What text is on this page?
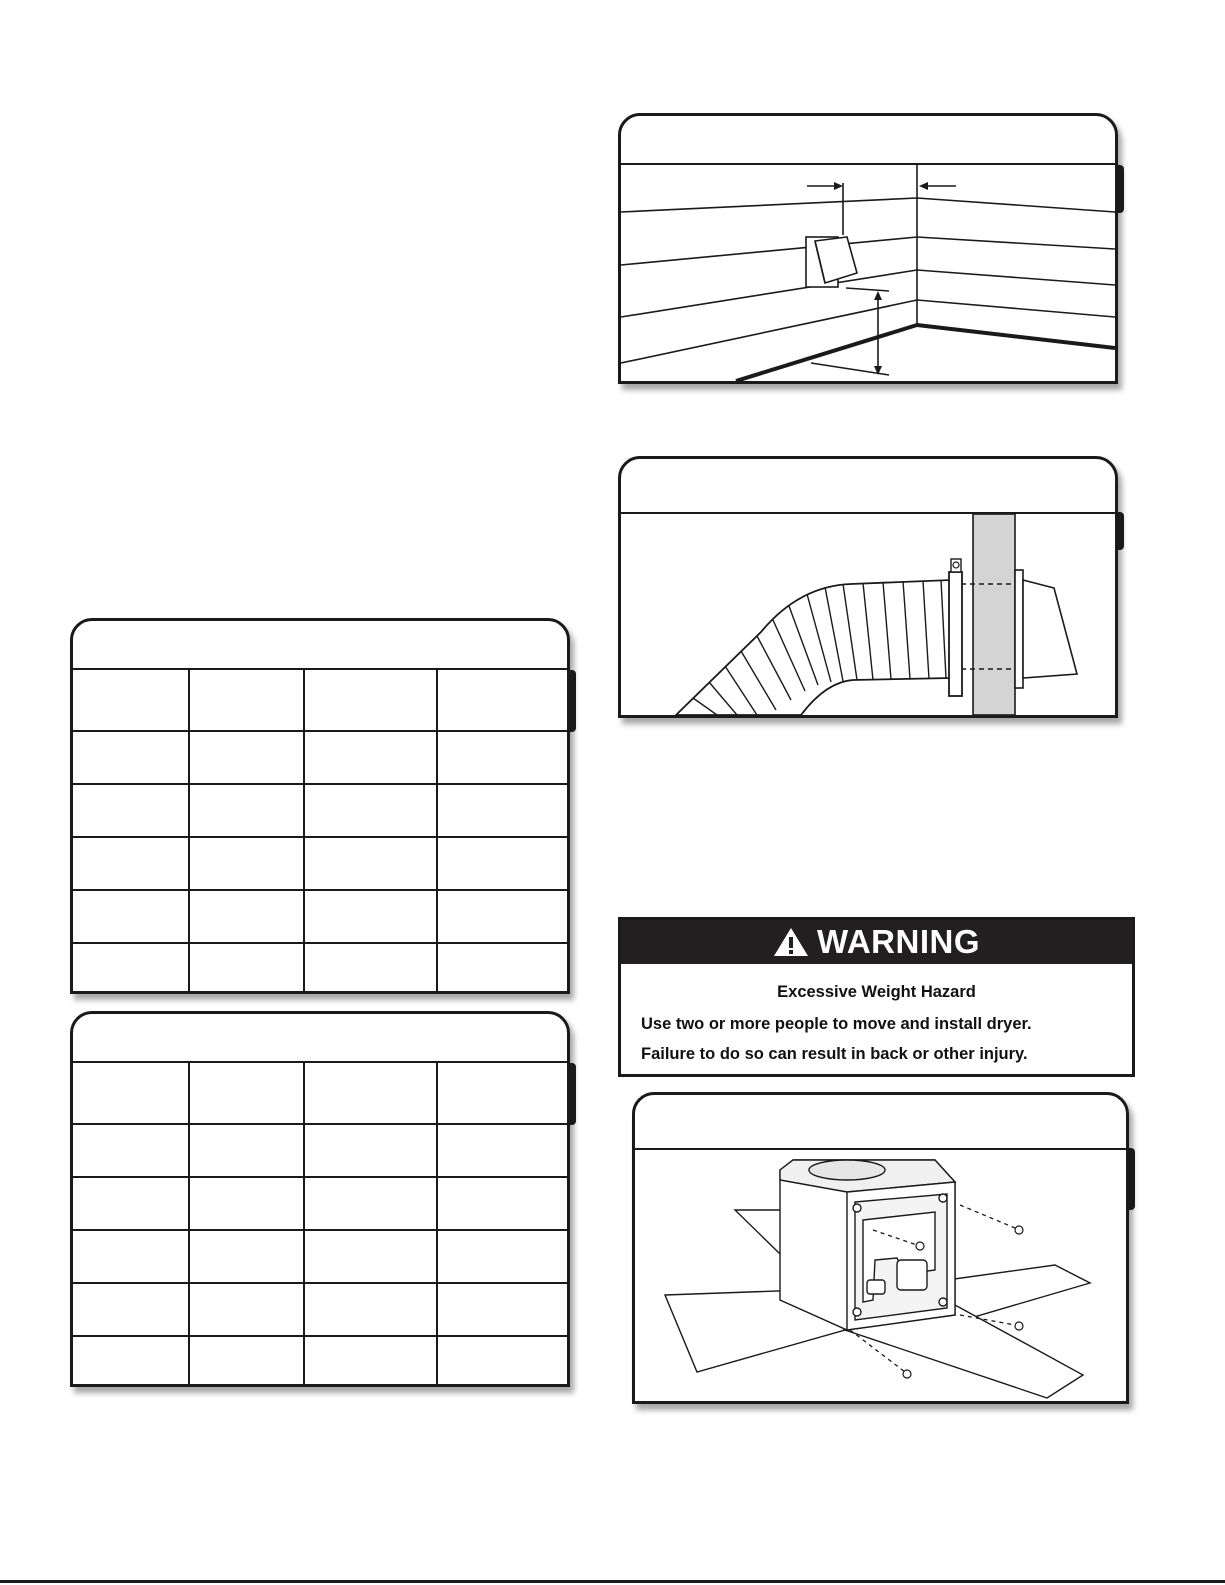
WARNING
Excessive Weight Hazard
Use two or more people to move and install dryer.
Failure to do so can result in back or other injury.
